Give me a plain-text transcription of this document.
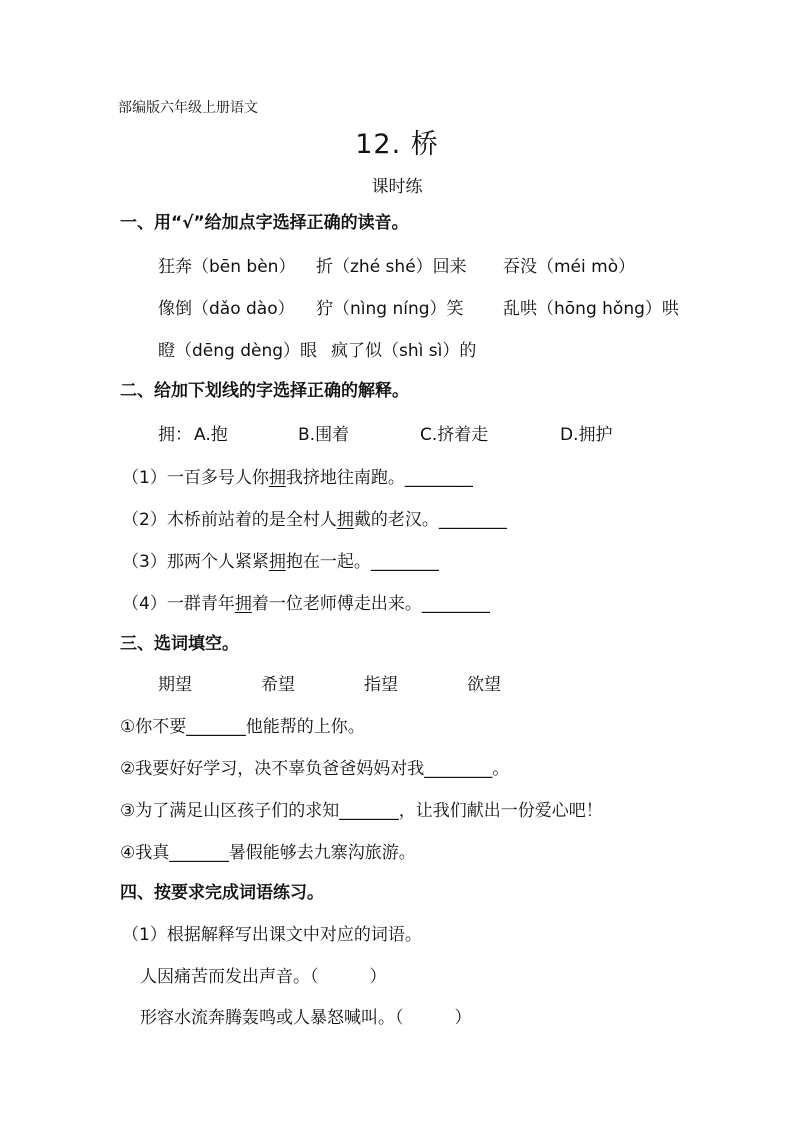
部编版六年级上册语文
12. 桥
课时练
一、用“√”给加点字选择正确的读音。
狂奔（bēn bèn） 折（zhé shé）回来 吞没（méi mò）
像倒（dǎo dào） 狞（nìng níng）笑 乱哄（hōng hǒng）哄
瞪（dēng dèng）眼 疯了似（shì sì）的
二、给加下划线的字选择正确的解释。
拥： A.抱	B.围着	C.挤着走	D.拥护
（1）一百多号人你拥我挤地往南跑。________
（2）木桥前站着的是全村人拥戴的老汉。________
（3）那两个人紧紧拥抱在一起。________
（4）一群青年拥着一位老师傅走出来。________
三、选词填空。
期望	希望	指望	欲望
①你不要_______他能帮的上你。
②我要好好学习，决不辜负爸爸妈妈对我________。
③为了满足山区孩子们的求知_______，让我们献出一份爱心吧！
④我真_______暑假能够去九寨沟旅游。
四、按要求完成词语练习。
（1）根据解释写出课文中对应的词语。
人因痛苦而发出声音。（　　　）
形容水流奔腾轰鸣或人暴怒喊叫。（　　　）
